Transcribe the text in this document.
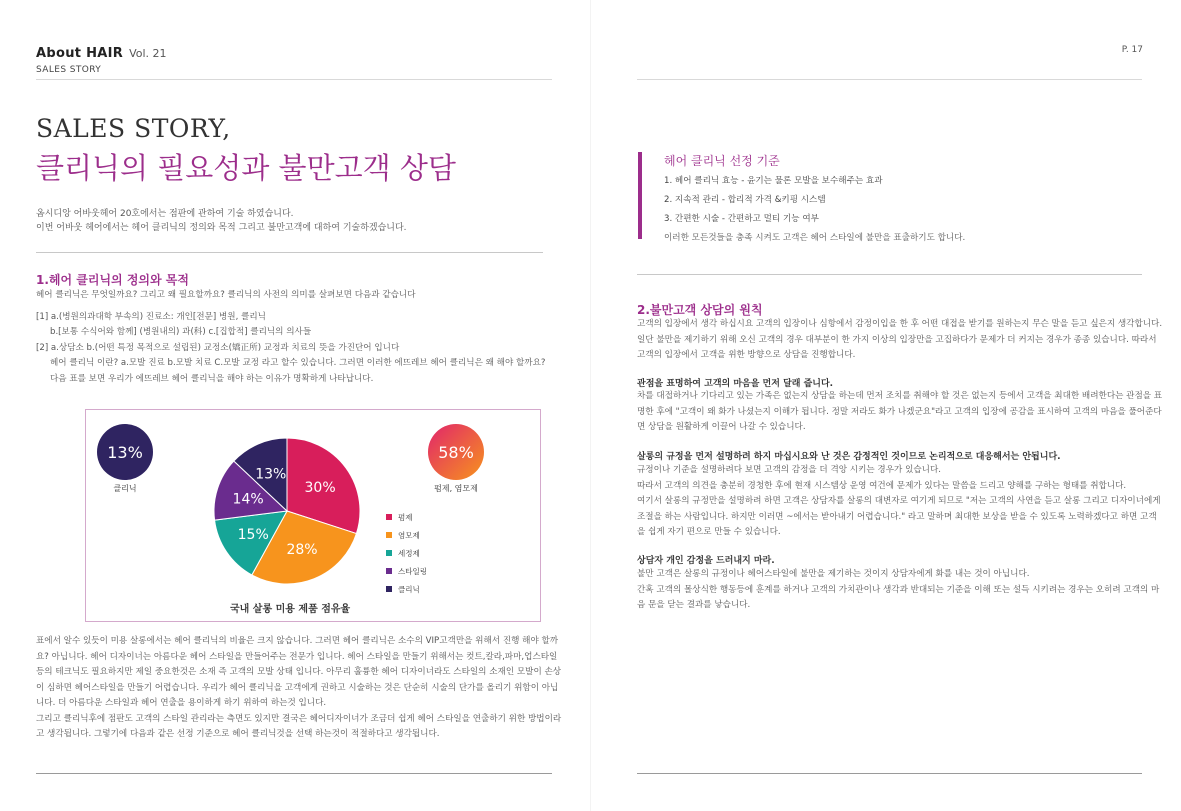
About HAIR Vol. 21
SALES STORY
SALES STORY,
클리닉의 필요성과 불만고객 상담

옴시디앙 어바웃헤어 20호에서는 점판에 관하여 기술 하였습니다.

이번 어바웃 헤어에서는 헤어 클리닉의 정의와 목적 그리고 불만고객에 대하여 기술하겠습니다.

1.헤어 클리닉의 정의와 목적

헤어 클리닉은 무엇일까요? 그리고 왜 필요할까요? 클리닉의 사전의 의미를 살펴보면 다음과 같습니다

[1] a.(병원의과대학 부속의) 진료소: 개인[전문] 병원, 클리닉

b.[보통 수식어와 함께] (병원내의) 과(科) c.[집합적] 클리닉의 의사들

[2] a.상담소 b.(어떤 특정 목적으로 설립된) 교정소(矯正所) 교정과 치료의 뜻을 가진단어 입니다

헤어 클리닉 이란? a.모발 진료 b.모발 치료 C.모발 교정 라고 할수 있습니다. 그러면 이러한 에뜨레브 헤어 클리닉은 왜 해야 할까요?

다음 표를 보면 우리가 에뜨레브 헤어 클리닉을 해야 하는 이유가 명확하게 나타납니다.

13%
클리닉
58%
펌제, 염모제
30%
28%
15%
14%
13%
펌제
염모제
세정제
스타일링
클리닉
국내 살롱 미용 제품 점유율

표에서 알수 있듯이 미용 살롱에서는 헤어 클리닉의 비율은 크지 않습니다. 그러면 헤어 클리닉은 소수의 VIP고객만을 위해서 진행 해야 할까

요? 아닙니다. 헤어 디자이너는 아름다운 헤어 스타일을 만들어주는 전문가 입니다. 헤어 스타일을 만들기 위해서는 컷트,칼라,파마,업스타일

등의 테크닉도 필요하지만 제일 중요한것은 소재 즉 고객의 모발 상태 입니다. 아무리 훌륭한 헤어 디자이너라도 스타일의 소재인 모발이 손상

이 심하면 헤어스타일을 만들기 어렵습니다. 우리가 헤어 클리닉을 고객에게 권하고 시술하는 것은 단순히 시술의 단가를 올리기 위함이 아닙

니다. 더 아름다운 스타일과 헤어 연출을 용이하게 하기 위하여 하는것 입니다.

그리고 클리닉후에 점판도 고객의 스타일 관리라는 측면도 있지만 결국은 헤어디자이너가 조금더 쉽게 헤어 스타일을 연출하기 위한 방법이라

고 생각됩니다. 그렇기에 다음과 같은 선정 기준으로 헤어 클리닉것을 선택 하는것이 적절하다고 생각됩니다.

P. 17
헤어 클리닉 선정 기준

1. 헤어 클리닉 효능 - 윤기는 물론 모발을 보수해주는 효과

2. 지속적 관리 - 합리적 가격 &키핑 시스템

3. 간편한 시술 - 간편하고 멀티 기능 여부

이러한 모든것들을 충족 시켜도 고객은 헤어 스타일에 불만을 표출하기도 합니다.
2.불만고객 상담의 원칙

고객의 입장에서 생각 하십시요 고객의 입장이나 심항에서 감정이입을 한 후 어떤 대접을 받기를 원하는지 무슨 말을 듣고 싶은지 생각합니다.

일단 불만을 제기하기 위해 오신 고객의 경우 대부분이 한 가지 이상의 입장만을 고집하다가 문제가 더 커지는 경우가 종종 있습니다. 따라서

고객의 입장에서 고객을 위한 방향으로 상담을 진행합니다.

관점을 표명하여 고객의 마음을 먼저 달래 줍니다.

차를 대접하거나 기다리고 있는 가족은 없는지 상담을 하는데 먼저 조치를 취해야 할 것은 없는지 등에서 고객을 최대한 배려한다는 관점을 표

명한 후에 "고객이 왜 화가 나셨는지 이해가 됩니다. 정말 저라도 화가 나겠군요"라고 고객의 입장에 공감을 표시하여 고객의 마음을 풀어준다

면 상담을 원활하게 이끌어 나갈 수 있습니다.

살롱의 규정을 먼저 설명하려 하지 마십시요와 난 것은 감정적인 것이므로 논리적으로 대응해서는 안됩니다.

규정이나 기준을 설명하려다 보면 고객의 감정을 더 격앙 시키는 경우가 있습니다.

따라서 고객의 의견을 충분히 경청한 후에 현재 시스템상 운영 여건에 문제가 있다는 말씀을 드리고 양해를 구하는 형태를 취합니다.

여기서 살롱의 규정만을 설명하려 하면 고객은 상담자를 살롱의 대변자로 여기게 되므로 "저는 고객의 사연을 듣고 살롱 그리고 디자이너에게

조절을 하는 사람입니다. 하지만 이러면 ~에서는 받아내기 어렵습니다." 라고 말하며 최대한 보상을 받을 수 있도록 노력하겠다고 하면 고객

을 쉽게 자기 편으로 만들 수 있습니다.

상담자 개인 감정을 드러내지 마라.

불만 고객은 살롱의 규정이나 헤어스타일에 불만을 제기하는 것이지 상담자에게 화를 내는 것이 아닙니다.

간혹 고객의 몰상식한 행동등에 훈계를 하거나 고객의 가치관이나 생각과 반대되는 기준을 이해 또는 설득 시키려는 경우는 오히려 고객의 마

음 문을 닫는 결과를 낳습니다.
